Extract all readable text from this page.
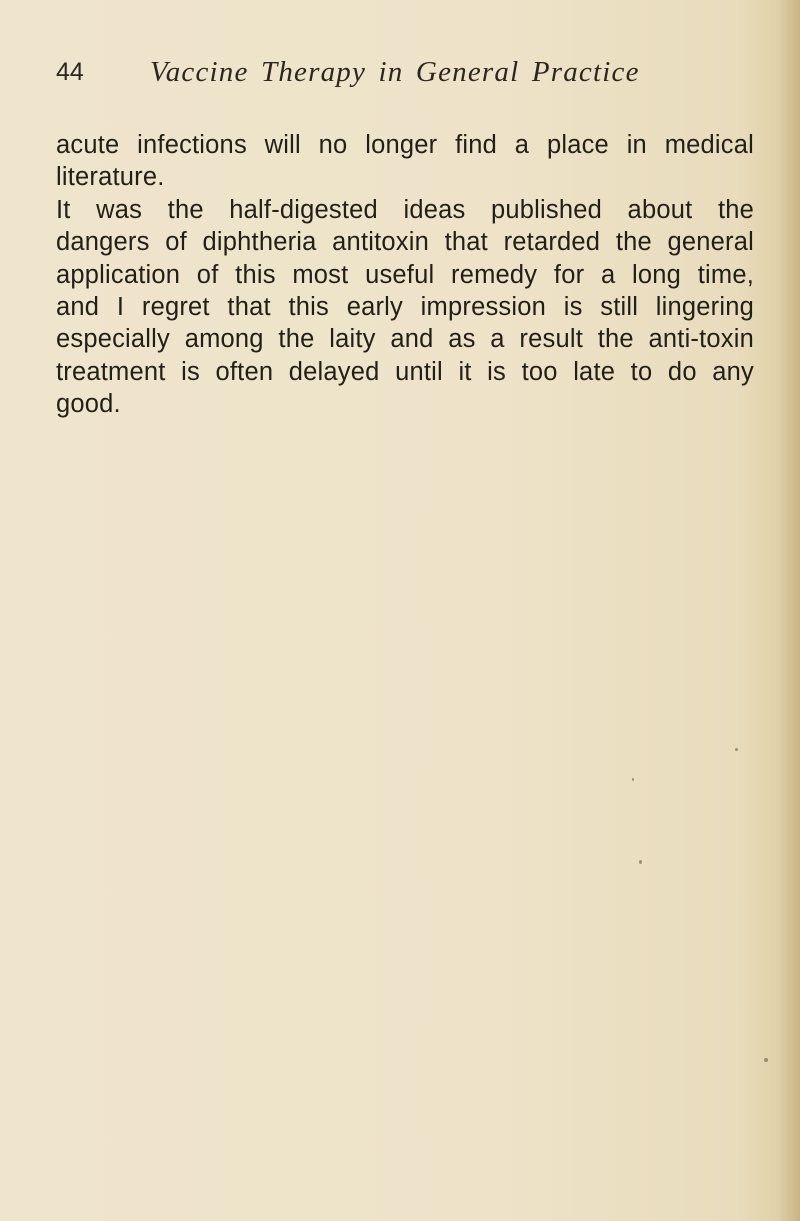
44 Vaccine Therapy in General Practice
acute infections will no longer find a place in medical
literature.
It was the half-digested ideas published about the
dangers of diphtheria antitoxin that retarded the general
application of this most useful remedy for a long time,
and I regret that this early impression is still lingering
especially among the laity and as a result the anti-toxin
treatment is often delayed until it is too late to do any
good.
